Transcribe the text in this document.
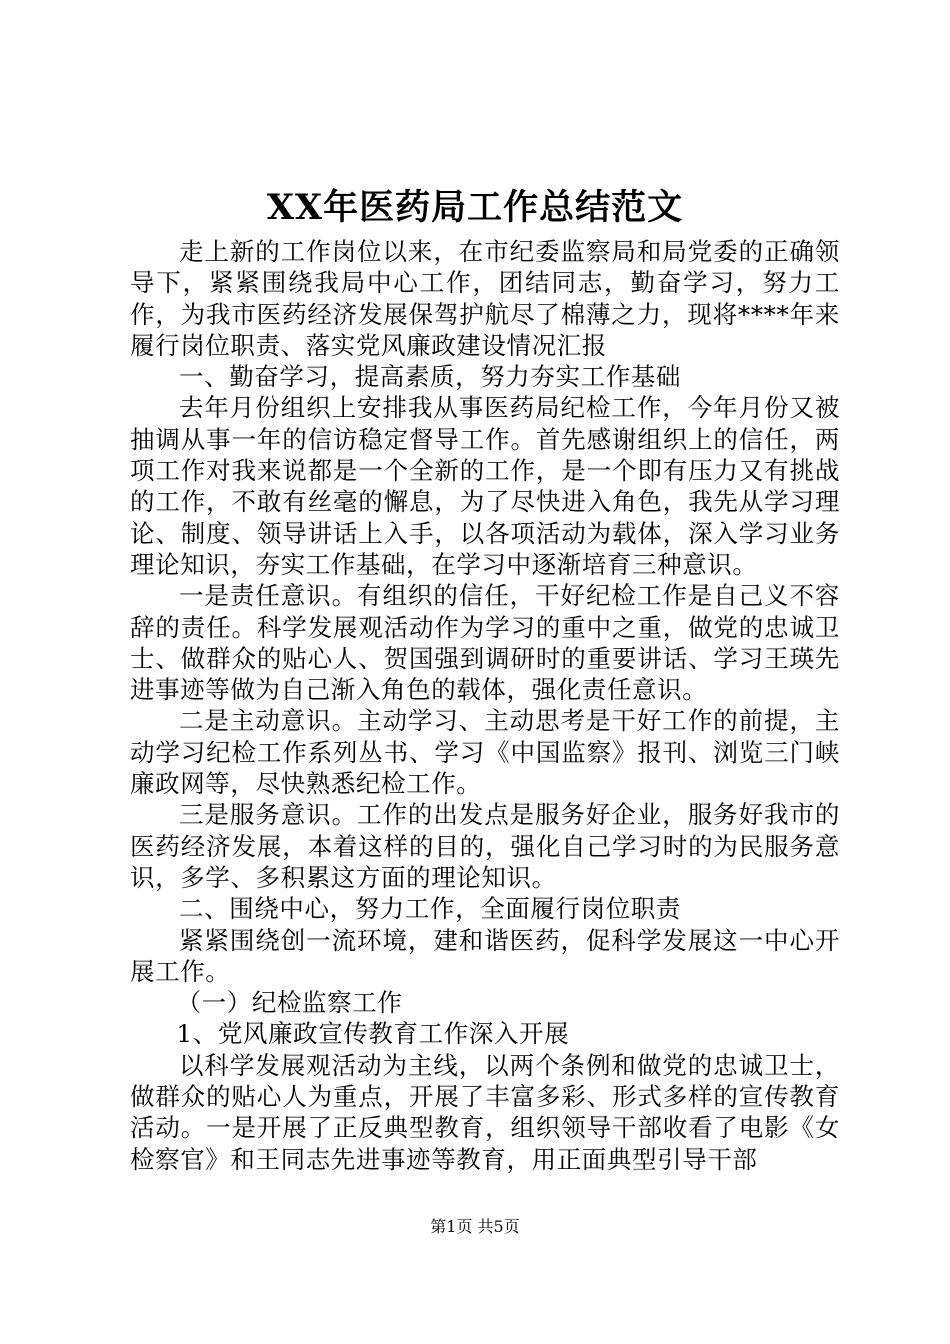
XX年医药局工作总结范文

走上新的工作岗位以来，在市纪委监察局和局党委的正确领导下，紧紧围绕我局中心工作，团结同志，勤奋学习，努力工作，为我市医药经济发展保驾护航尽了棉薄之力，现将****年来履行岗位职责、落实党风廉政建设情况汇报

一、勤奋学习，提高素质，努力夯实工作基础

去年月份组织上安排我从事医药局纪检工作，今年月份又被抽调从事一年的信访稳定督导工作。首先感谢组织上的信任，两项工作对我来说都是一个全新的工作，是一个即有压力又有挑战的工作，不敢有丝毫的懈息，为了尽快进入角色，我先从学习理论、制度、领导讲话上入手，以各项活动为载体，深入学习业务理论知识，夯实工作基础，在学习中逐渐培育三种意识。

一是责任意识。有组织的信任，干好纪检工作是自己义不容辞的责任。科学发展观活动作为学习的重中之重，做党的忠诚卫士、做群众的贴心人、贺国强到调研时的重要讲话、学习王瑛先进事迹等做为自己渐入角色的载体，强化责任意识。

二是主动意识。主动学习、主动思考是干好工作的前提，主动学习纪检工作系列丛书、学习《中国监察》报刊、浏览三门峡廉政网等，尽快熟悉纪检工作。

三是服务意识。工作的出发点是服务好企业，服务好我市的医药经济发展，本着这样的目的，强化自己学习时的为民服务意识，多学、多积累这方面的理论知识。

二、围绕中心，努力工作，全面履行岗位职责

紧紧围绕创一流环境，建和谐医药，促科学发展这一中心开展工作。

（一）纪检监察工作

1、党风廉政宣传教育工作深入开展

以科学发展观活动为主线，以两个条例和做党的忠诚卫士，做群众的贴心人为重点，开展了丰富多彩、形式多样的宣传教育活动。一是开展了正反典型教育，组织领导干部收看了电影《女检察官》和王同志先进事迹等教育，用正面典型引导干部

第1页 共5页
